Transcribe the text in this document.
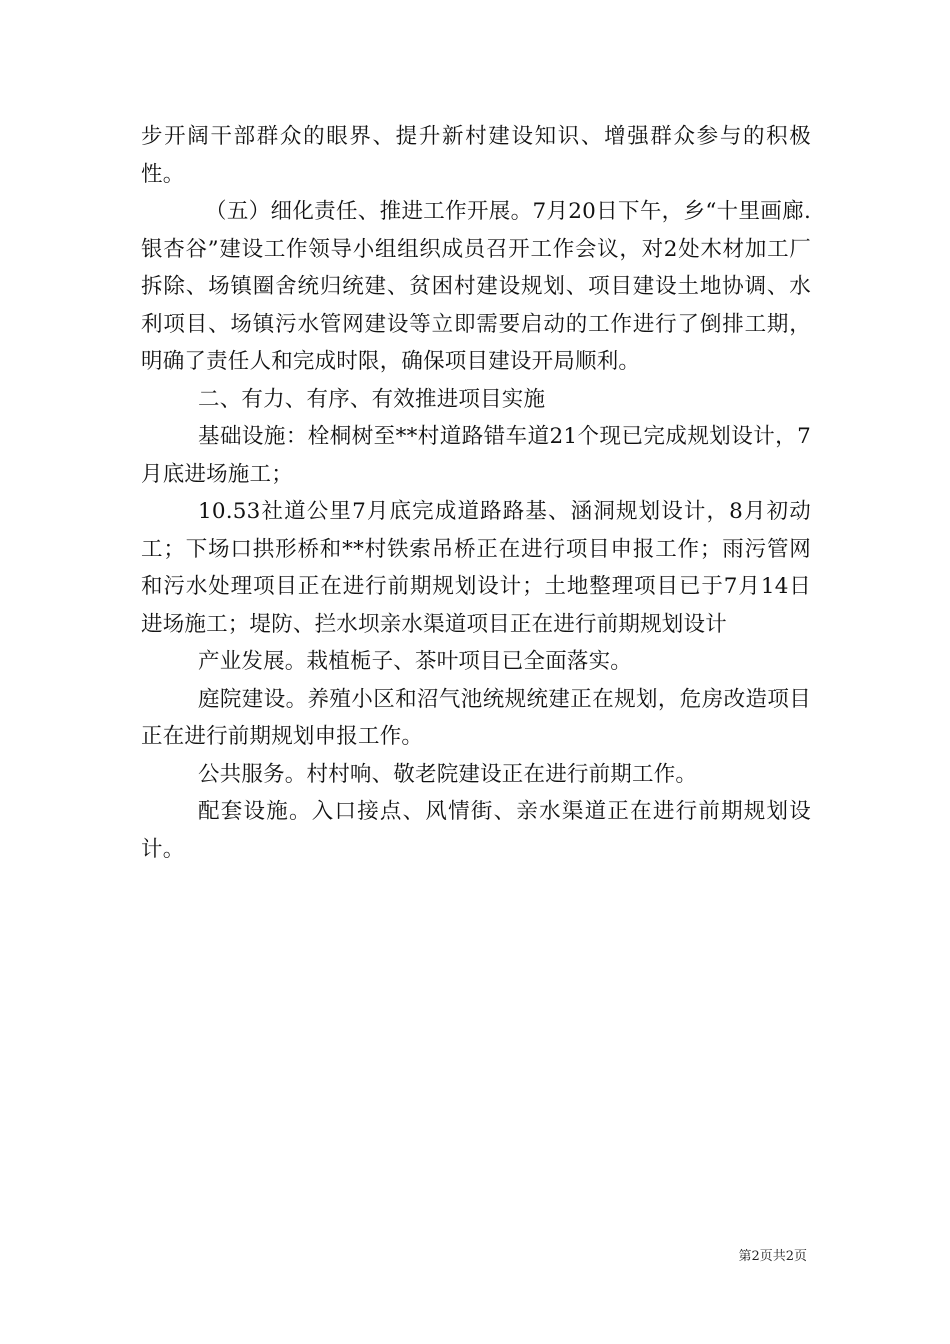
步开阔干部群众的眼界、提升新村建设知识、增强群众参与的积极性。

（五）细化责任、推进工作开展。7月20日下午，乡“十里画廊.银杏谷”建设工作领导小组组织成员召开工作会议，对2处木材加工厂拆除、场镇圈舍统归统建、贫困村建设规划、项目建设土地协调、水利项目、场镇污水管网建设等立即需要启动的工作进行了倒排工期，明确了责任人和完成时限，确保项目建设开局顺利。

二、有力、有序、有效推进项目实施

基础设施：栓桐树至**村道路错车道21个现已完成规划设计，7月底进场施工；

10.53社道公里7月底完成道路路基、涵洞规划设计，8月初动工；下场口拱形桥和**村铁索吊桥正在进行项目申报工作；雨污管网和污水处理项目正在进行前期规划设计；土地整理项目已于7月14日进场施工；堤防、拦水坝亲水渠道项目正在进行前期规划设计

产业发展。栽植栀子、茶叶项目已全面落实。

庭院建设。养殖小区和沼气池统规统建正在规划，危房改造项目正在进行前期规划申报工作。

公共服务。村村响、敬老院建设正在进行前期工作。

配套设施。入口接点、风情街、亲水渠道正在进行前期规划设计。

第2页共2页
